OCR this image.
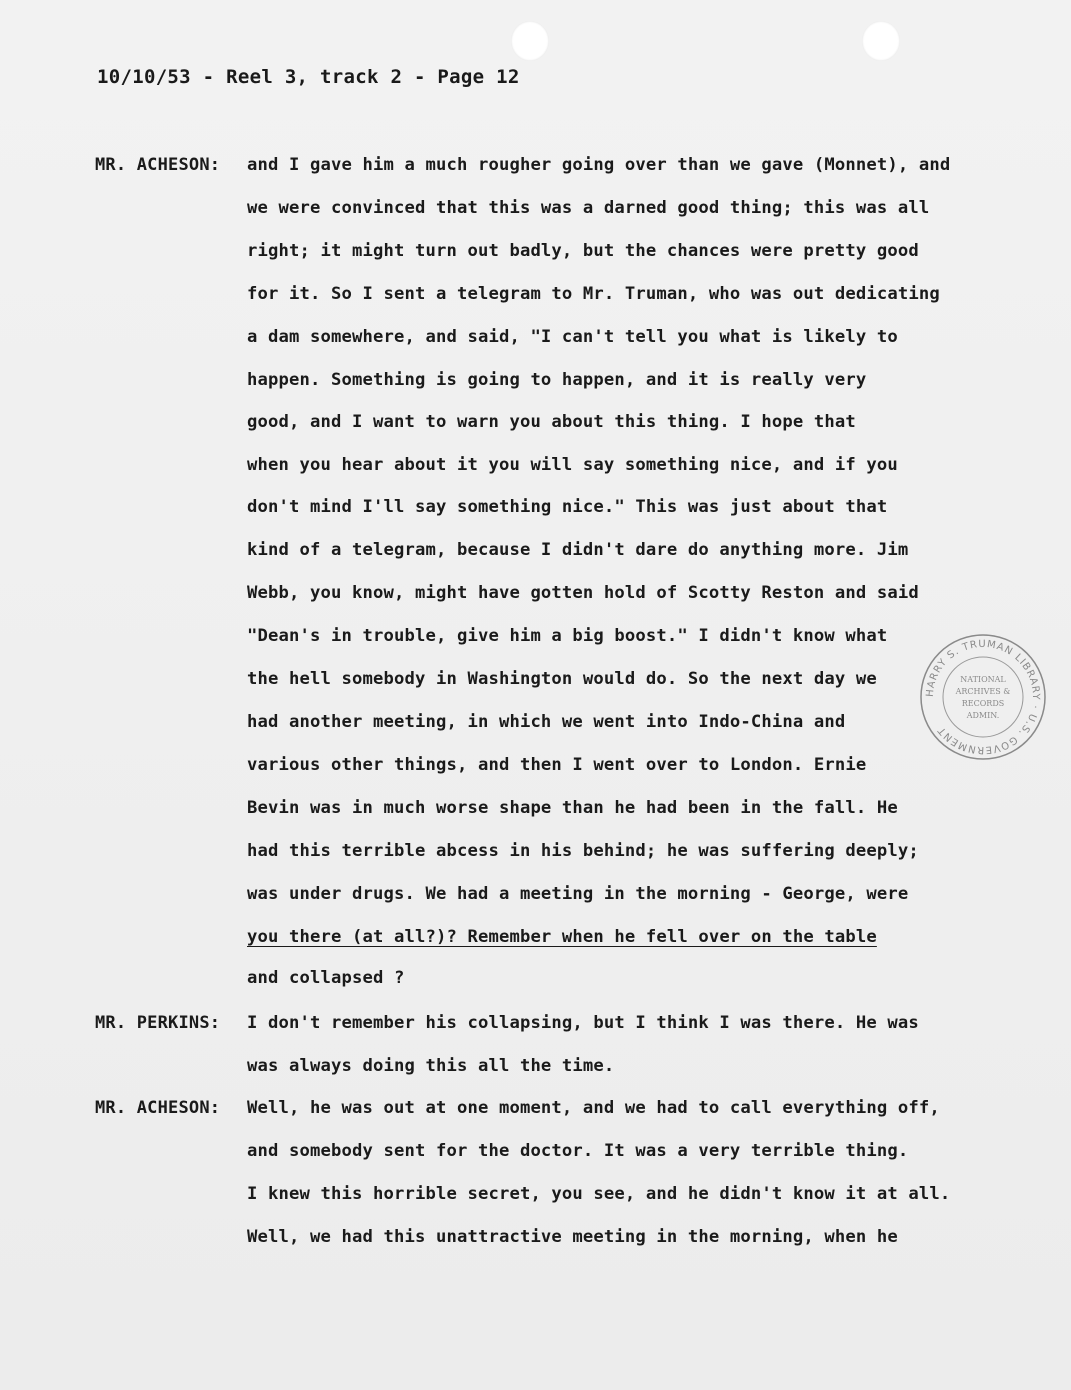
10/10/53 - Reel 3, track 2 - Page 12
MR. ACHESON: and I gave him a much rougher going over than we gave (Monnet), and
we were convinced that this was a darned good thing; this was all
right; it might turn out badly, but the chances were pretty good
for it. So I sent a telegram to Mr. Truman, who was out dedicating
a dam somewhere, and said, "I can't tell you what is likely to
happen. Something is going to happen, and it is really very
good, and I want to warn you about this thing. I hope that
when you hear about it you will say something nice, and if you
don't mind I'll say something nice." This was just about that
kind of a telegram, because I didn't dare do anything more. Jim
Webb, you know, might have gotten hold of Scotty Reston and said
"Dean's in trouble, give him a big boost." I didn't know what
the hell somebody in Washington would do. So the next day we
had another meeting, in which we went into Indo-China and
various other things, and then I went over to London. Ernie
Bevin was in much worse shape than he had been in the fall. He
had this terrible abcess in his behind; he was suffering deeply;
was under drugs. We had a meeting in the morning - George, were
you there (at all?)? Remember when he fell over on the table
and collapsed ?
MR. PERKINS: I don't remember his collapsing, but I think I was there. He was
was always doing this all the time.
MR. ACHESON: Well, he was out at one moment, and we had to call everything off,
and somebody sent for the doctor. It was a very terrible thing.
I knew this horrible secret, you see, and he didn't know it at all.
Well, we had this unattractive meeting in the morning, when he
HARRY S. TRUMAN LIBRARY · U.S. GOVERNMENT
NATIONAL
ARCHIVES &
RECORDS
ADMIN.
